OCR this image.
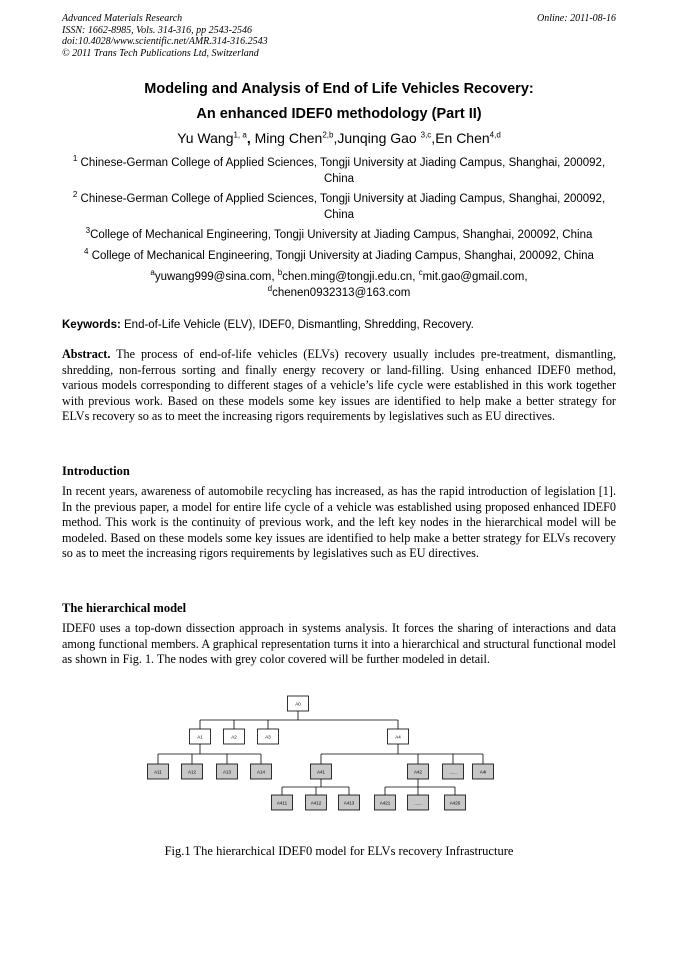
Advanced Materials Research
ISSN: 1662-8985, Vols. 314-316, pp 2543-2546
doi:10.4028/www.scientific.net/AMR.314-316.2543
© 2011 Trans Tech Publications Ltd, Switzerland
Online: 2011-08-16
Modeling and Analysis of End of Life Vehicles Recovery:
An enhanced IDEF0 methodology (Part II)
Yu Wang$^{1, a}$, Ming Chen$^{2,b}$,Junqing Gao $^{3,c}$,En Chen$^{4,d}$
$^1$ Chinese-German College of Applied Sciences, Tongji University at Jiading Campus, Shanghai, 200092, China
$^2$ Chinese-German College of Applied Sciences, Tongji University at Jiading Campus, Shanghai, 200092, China
$^3$College of Mechanical Engineering, Tongji University at Jiading Campus, Shanghai, 200092, China
$^4$ College of Mechanical Engineering, Tongji University at Jiading Campus, Shanghai, 200092, China
$^a$yuwang999@sina.com, $^b$chen.ming@tongji.edu.cn, $^c$mit.gao@gmail.com,
$^d$chenen0932313@163.com
Keywords: End-of-Life Vehicle (ELV), IDEF0, Dismantling, Shredding, Recovery.
Abstract. The process of end-of-life vehicles (ELVs) recovery usually includes pre-treatment, dismantling, shredding, non-ferrous sorting and finally energy recovery or land-filling. Using enhanced IDEF0 method, various models corresponding to different stages of a vehicle’s life cycle were established in this work together with previous work. Based on these models some key issues are identified to help make a better strategy for ELVs recovery so as to meet the increasing rigors requirements by legislatives such as EU directives.
Introduction
In recent years, awareness of automobile recycling has increased, as has the rapid introduction of legislation [1]. In the previous paper, a model for entire life cycle of a vehicle was established using proposed enhanced IDEF0 method. This work is the continuity of previous work, and the left key nodes in the hierarchical model will be modeled. Based on these models some key issues are identified to help make a better strategy for ELVs recovery so as to meet the increasing rigors requirements by legislatives such as EU directives.
The hierarchical model
IDEF0 uses a top-down dissection approach in systems analysis. It forces the sharing of interactions and data among functional members. A graphical representation turns it into a hierarchical and structural functional model as shown in Fig. 1. The nodes with grey color covered will be further modeled in detail.
A0
A1	A2	A3	A4
A11	A12	A13	A14	A41	A42	......	A4i
A411	A412	A413	A421	......	A426
Fig.1 The hierarchical IDEF0 model for ELVs recovery Infrastructure
